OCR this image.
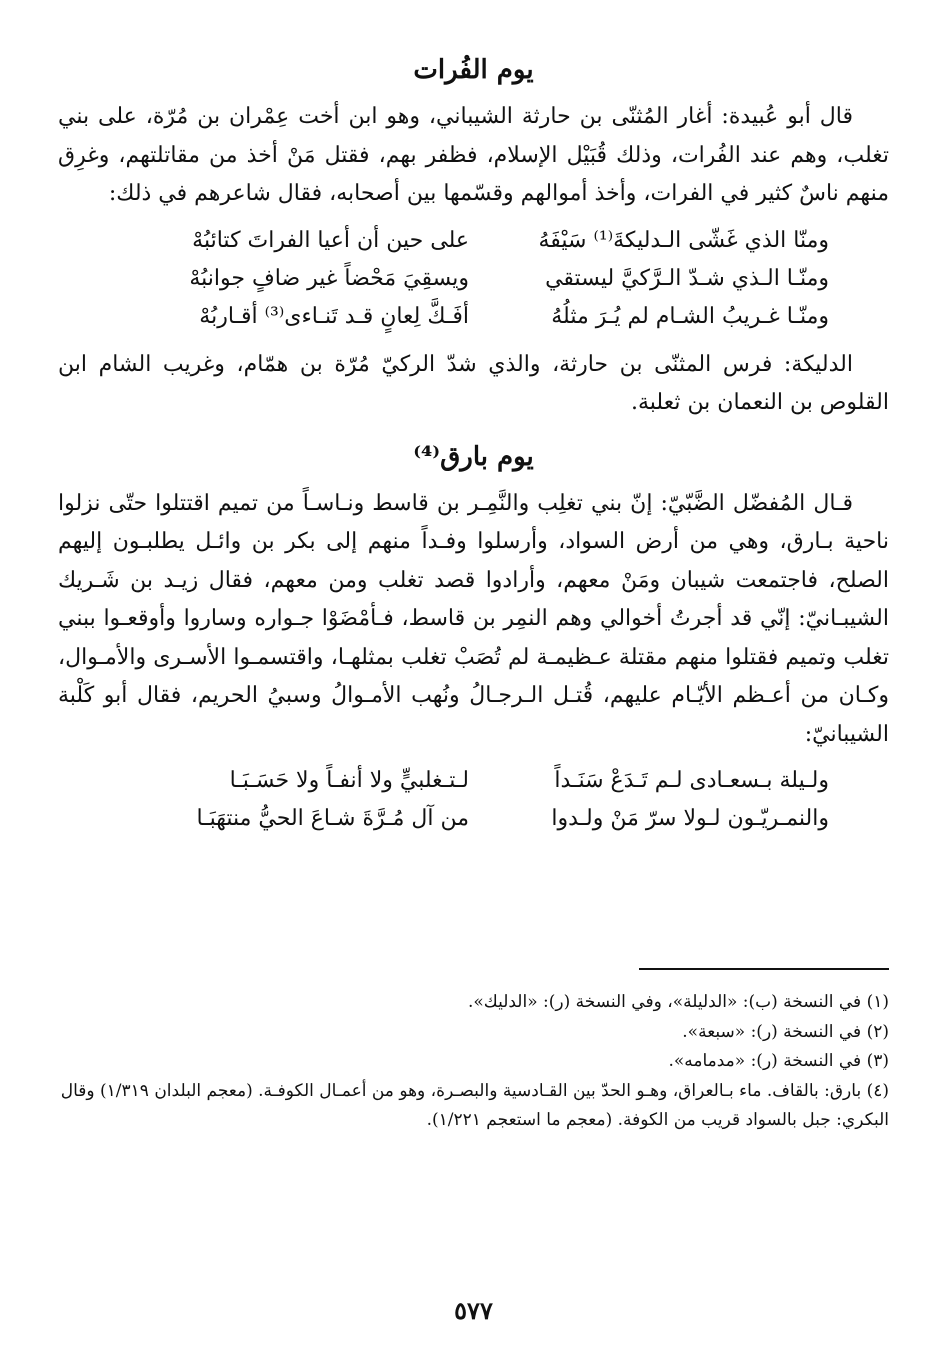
يوم الفُرات

قال أبو عُبيدة: أغار المُثنّى بن حارثة الشيباني، وهو ابن أخت عِمْران بن مُرّة، على بني تغلب، وهم عند الفُرات، وذلك قُبَيْل الإسلام، فظفر بهم، فقتل مَنْ أخذ من مقاتلتهم، وغرِق منهم ناسٌ كثير في الفرات، وأخذ أموالهم وقسّمها بين أصحابه، فقال شاعرهم في ذلك:

ومنّا الذي غَشّى الـدليكةَ⁽¹⁾ سَيْفَهُ
على حين أن أعيا الفراتَ كتائبُهْ
ومنّـا الـذي شـدّ الـرَّكيَّ ليستقي
ويسقِيَ مَحْضاً غير ضافٍ جوانبُهْ
ومنّـا غـريبُ الشـام لم يُـرَ مثلُهُ
أفَـكَّ لِعانٍ قـد تَنـاءى⁽³⁾ أقـاربُهْ

الدليكة: فرس المثنّى بن حارثة، والذي شدّ الركيّ مُرّة بن همّام، وغريب الشام ابن القلوص بن النعمان بن ثعلبة.

يوم بارق⁽⁴⁾

قـال المُفضّل الضَّبّيّ: إنّ بني تغلِب والنَّمِـر بن قاسط ونـاسـاً من تميم اقتتلوا حتّى نزلوا ناحية بـارق، وهي من أرض السواد، وأرسلوا وفـداً منهم إلى بكر بن وائـل يطلبـون إليهم الصلح، فاجتمعت شيبان ومَنْ معهم، وأرادوا قصد تغلب ومن معهم، فقال زيـد بن شَـريك الشيبـانيّ: إنّي قد أجرتُ أخوالي وهم النمِر بن قاسط، فـأمْضَوْا جـواره وساروا وأوقعـوا ببني تغلب وتميم فقتلوا منهم مقتلة عـظيمـة لم تُصَبْ تغلب بمثلهـا، واقتسمـوا الأسـرى والأمـوال، وكـان من أعـظم الأيّـام عليهم، قُتـل الـرجـالُ ونُهب الأمـوالُ وسبيُ الحريم، فقال أبو كَلْبة الشيبانيّ:

ولـيلة بـسعـادى لـم تَـدَعْ سَنَـداً
لـتـغلبيٍّ ولا أنفـاً ولا حَسَـبَـا
والنمـريّـون لـولا سرّ مَنْ ولـدوا
من آل مُـرَّةَ شـاعَ الحيُّ منتهَبَـا

(١) في النسخة (ب): «الدليلة»، وفي النسخة (ر): «الدليك».

(٢) في النسخة (ر): «سبعة».

(٣) في النسخة (ر): «مدمامه».

(٤) بارق: بالقاف. ماء بـالعراق، وهـو الحدّ بين القـادسية والبصـرة، وهو من أعمـال الكوفـة. (معجم البلدان ١/٣١٩) وقال البكري: جبل بالسواد قريب من الكوفة. (معجم ما استعجم ١/٢٢١).

٥٧٧
